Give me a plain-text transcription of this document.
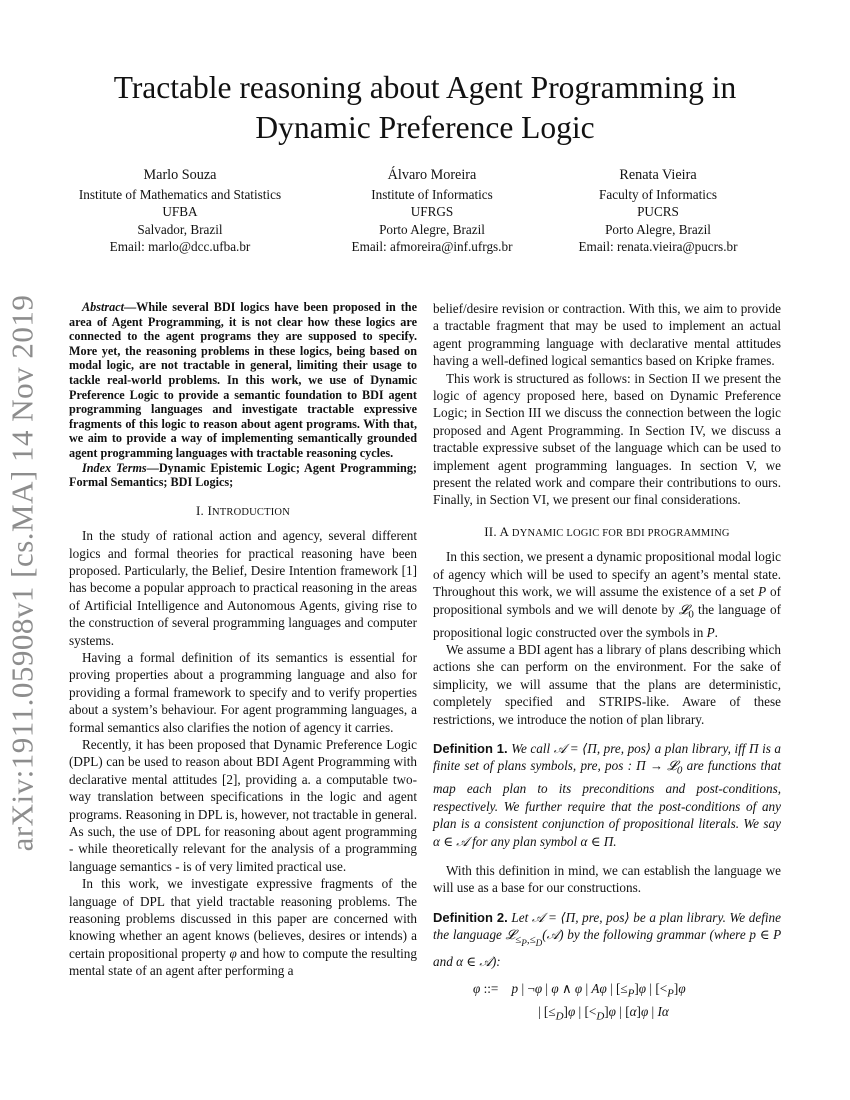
arXiv:1911.05908v1 [cs.MA] 14 Nov 2019
Tractable reasoning about Agent Programming in Dynamic Preference Logic
Marlo Souza
Institute of Mathematics and Statistics
UFBA
Salvador, Brazil
Email: marlo@dcc.ufba.br
Álvaro Moreira
Institute of Informatics
UFRGS
Porto Alegre, Brazil
Email: afmoreira@inf.ufrgs.br
Renata Vieira
Faculty of Informatics
PUCRS
Porto Alegre, Brazil
Email: renata.vieira@pucrs.br

Abstract—While several BDI logics have been proposed in the area of Agent Programming, it is not clear how these logics are connected to the agent programs they are supposed to specify. More yet, the reasoning problems in these logics, being based on modal logic, are not tractable in general, limiting their usage to tackle real-world problems. In this work, we use of Dynamic Preference Logic to provide a semantic foundation to BDI agent programming languages and investigate tractable expressive fragments of this logic to reason about agent programs. With that, we aim to provide a way of implementing semantically grounded agent programming languages with tractable reasoning cycles.

Index Terms—Dynamic Epistemic Logic; Agent Programming; Formal Semantics; BDI Logics;

I. INTRODUCTION

In the study of rational action and agency, several different logics and formal theories for practical reasoning have been proposed. Particularly, the Belief, Desire Intention framework [1] has become a popular approach to practical reasoning in the areas of Artificial Intelligence and Autonomous Agents, giving rise to the construction of several programming languages and computer systems.

Having a formal definition of its semantics is essential for proving properties about a programming language and also for providing a formal framework to specify and to verify properties about a system’s behaviour. For agent programming languages, a formal semantics also clarifies the notion of agency it carries.

Recently, it has been proposed that Dynamic Preference Logic (DPL) can be used to reason about BDI Agent Programming with declarative mental attitudes [2], providing a. a computable two-way translation between specifications in the logic and agent programs. Reasoning in DPL is, however, not tractable in general. As such, the use of DPL for reasoning about agent programming - while theoretically relevant for the analysis of a programming language semantics - is of very limited practical use.

In this work, we investigate expressive fragments of the language of DPL that yield tractable reasoning problems. The reasoning problems discussed in this paper are concerned with knowing whether an agent knows (believes, desires or intends) a certain propositional property φ and how to compute the resulting mental state of an agent after performing a

belief/desire revision or contraction. With this, we aim to provide a tractable fragment that may be used to implement an actual agent programming language with declarative mental attitudes having a well-defined logical semantics based on Kripke frames.

This work is structured as follows: in Section II we present the logic of agency proposed here, based on Dynamic Preference Logic; in Section III we discuss the connection between the logic proposed and Agent Programming. In Section IV, we discuss a tractable expressive subset of the language which can be used to implement agent programming languages. In section V, we present the related work and compare their contributions to ours. Finally, in Section VI, we present our final considerations.

II. A DYNAMIC LOGIC FOR BDI PROGRAMMING

In this section, we present a dynamic propositional modal logic of agency which will be used to specify an agent’s mental state. Throughout this work, we will assume the existence of a set P of propositional symbols and we will denote by 𝓛$_0$ the language of propositional logic constructed over the symbols in P.

We assume a BDI agent has a library of plans describing which actions she can perform on the environment. For the sake of simplicity, we will assume that the plans are deterministic, completely specified and STRIPS-like. Aware of these restrictions, we introduce the notion of plan library.

Definition 1. We call 𝒜 = ⟨Π, pre, pos⟩ a plan library, iff Π is a finite set of plans symbols, pre, pos : Π → 𝓛$_0$ are functions that map each plan to its preconditions and post-conditions, respectively. We further require that the post-conditions of any plan is a consistent conjunction of propositional literals. We say α ∈ 𝒜 for any plan symbol α ∈ Π.

With this definition in mind, we can establish the language we will use as a base for our constructions.

Definition 2. Let 𝒜 = ⟨Π, pre, pos⟩ be a plan library. We define the language 𝓛$_{\le_P,\le_D}$(𝒜) by the following grammar (where p ∈ P and α ∈ 𝒜):

φ ::=    p | ¬φ | φ ∧ φ | Aφ | $[\le_P]\varphi$ | $[<_P]\varphi$
| $[\le_D]\varphi$ | $[<_D]\varphi$ | [α]φ | Iα
